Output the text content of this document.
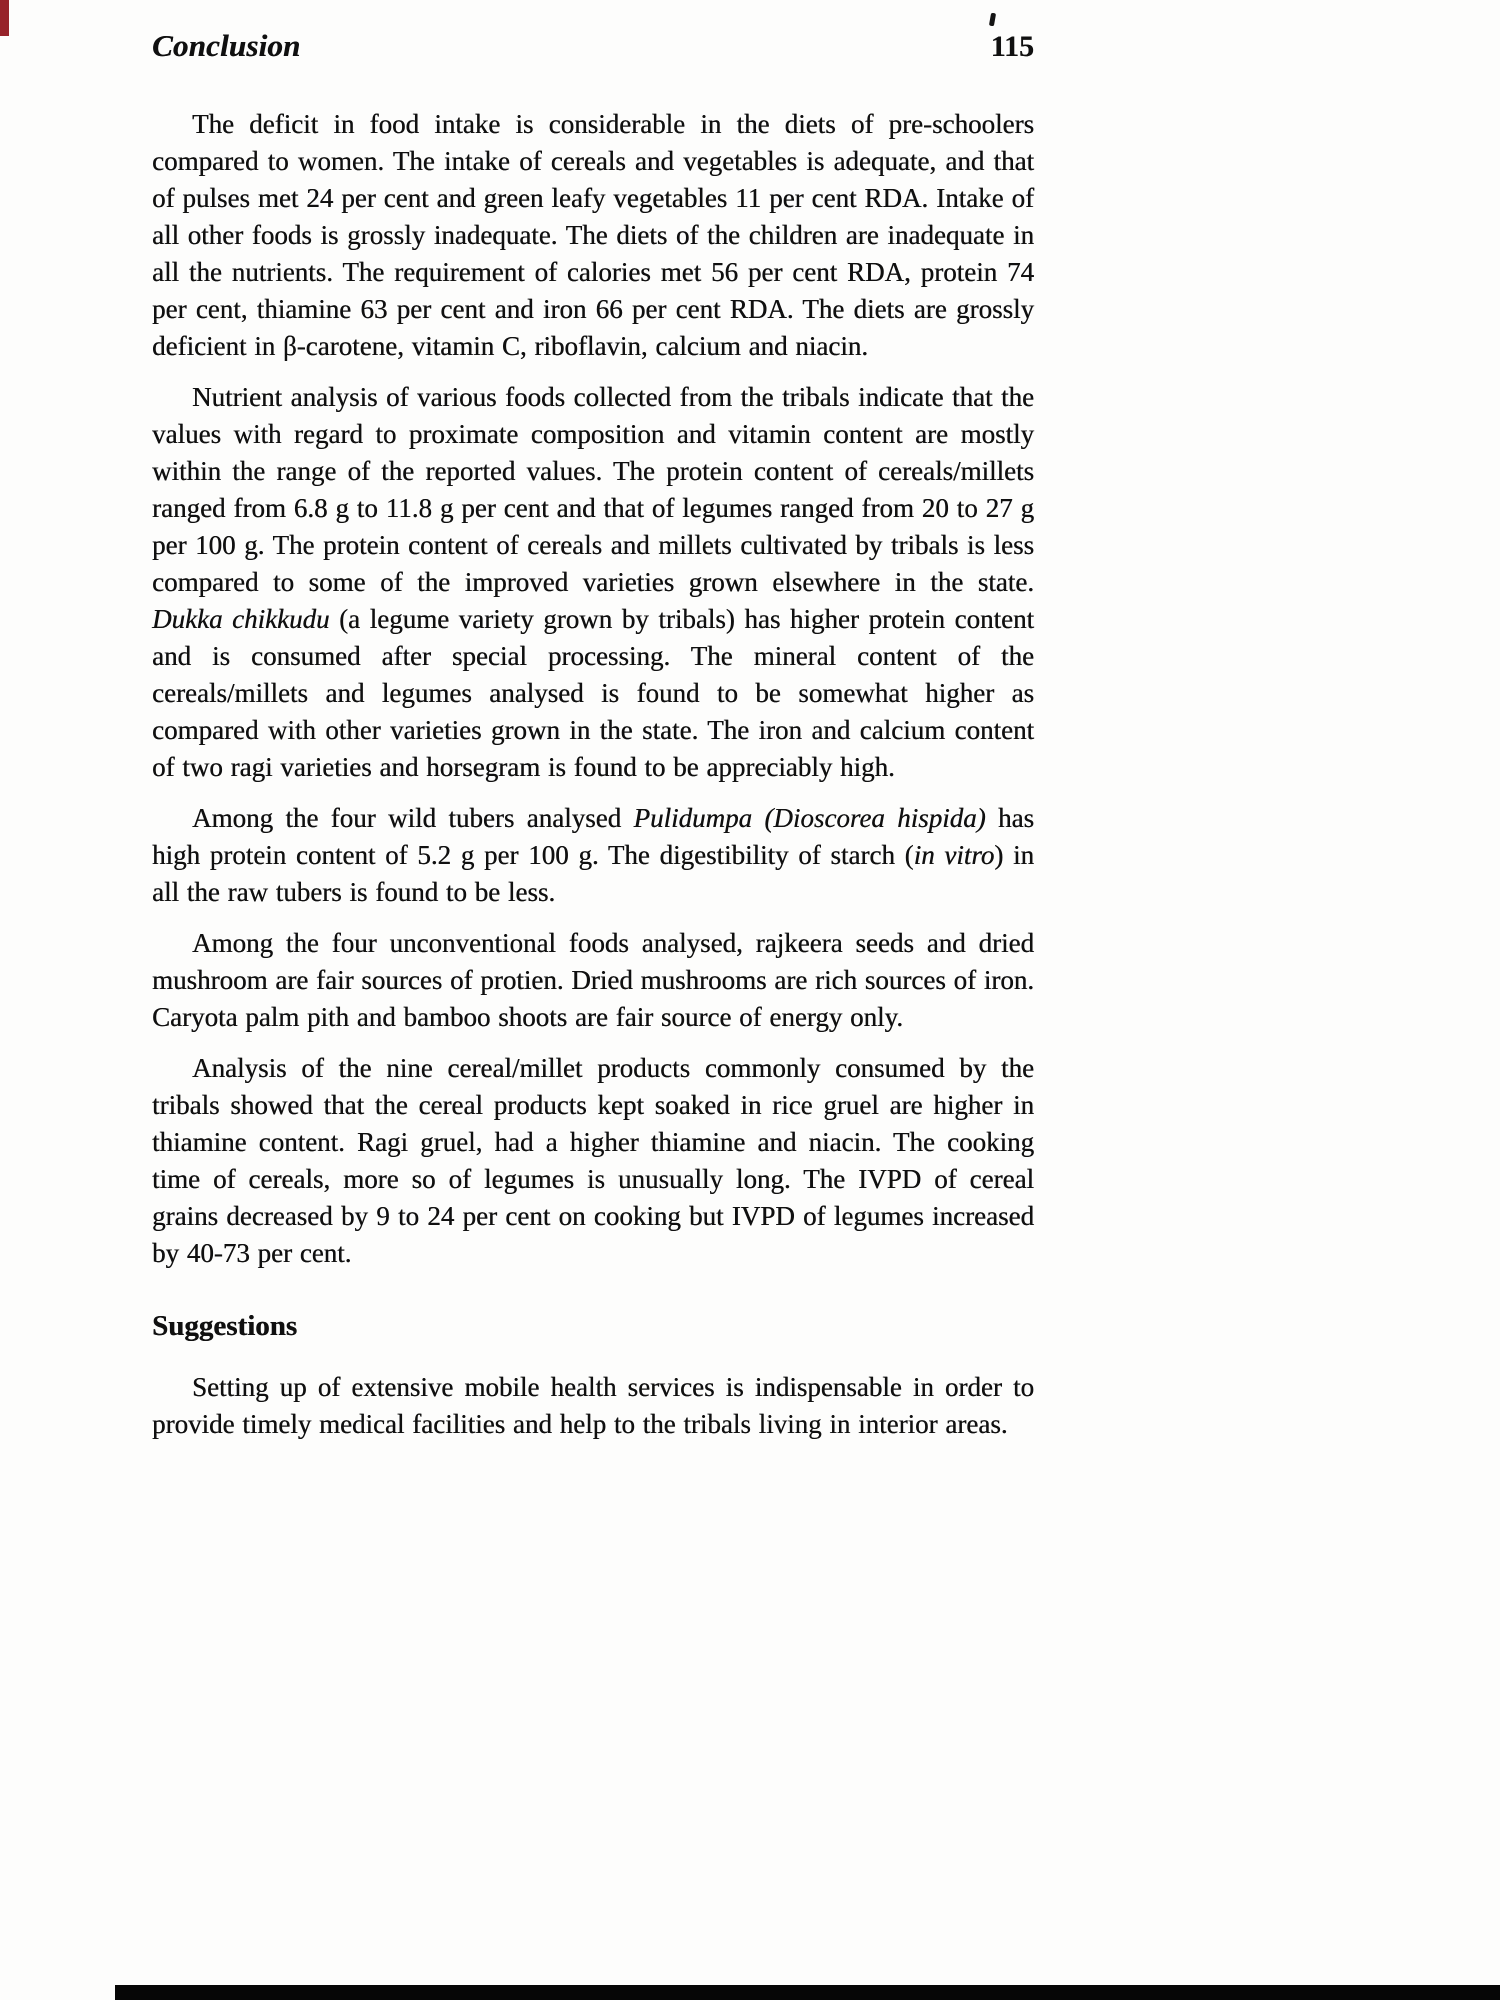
Conclusion	115

The deficit in food intake is considerable in the diets of pre-schoolers compared to women. The intake of cereals and vegetables is adequate, and that of pulses met 24 per cent and green leafy vegetables 11 per cent RDA. Intake of all other foods is grossly inadequate. The diets of the children are inadequate in all the nutrients. The requirement of calories met 56 per cent RDA, protein 74 per cent, thiamine 63 per cent and iron 66 per cent RDA. The diets are grossly deficient in β-carotene, vitamin C, riboflavin, calcium and niacin.

Nutrient analysis of various foods collected from the tribals indicate that the values with regard to proximate composition and vitamin content are mostly within the range of the reported values. The protein content of cereals/millets ranged from 6.8 g to 11.8 g per cent and that of legumes ranged from 20 to 27 g per 100 g. The protein content of cereals and millets cultivated by tribals is less compared to some of the improved varieties grown elsewhere in the state. Dukka chikkudu (a legume variety grown by tribals) has higher protein content and is consumed after special processing. The mineral content of the cereals/millets and legumes analysed is found to be somewhat higher as compared with other varieties grown in the state. The iron and calcium content of two ragi varieties and horsegram is found to be appreciably high.

Among the four wild tubers analysed Pulidumpa (Dioscorea hispida) has high protein content of 5.2 g per 100 g. The digestibility of starch (in vitro) in all the raw tubers is found to be less.

Among the four unconventional foods analysed, rajkeera seeds and dried mushroom are fair sources of protien. Dried mushrooms are rich sources of iron. Caryota palm pith and bamboo shoots are fair source of energy only.

Analysis of the nine cereal/millet products commonly consumed by the tribals showed that the cereal products kept soaked in rice gruel are higher in thiamine content. Ragi gruel, had a higher thiamine and niacin. The cooking time of cereals, more so of legumes is unusually long. The IVPD of cereal grains decreased by 9 to 24 per cent on cooking but IVPD of legumes increased by 40-73 per cent.

Suggestions

Setting up of extensive mobile health services is indispensable in order to provide timely medical facilities and help to the tribals living in interior areas.
